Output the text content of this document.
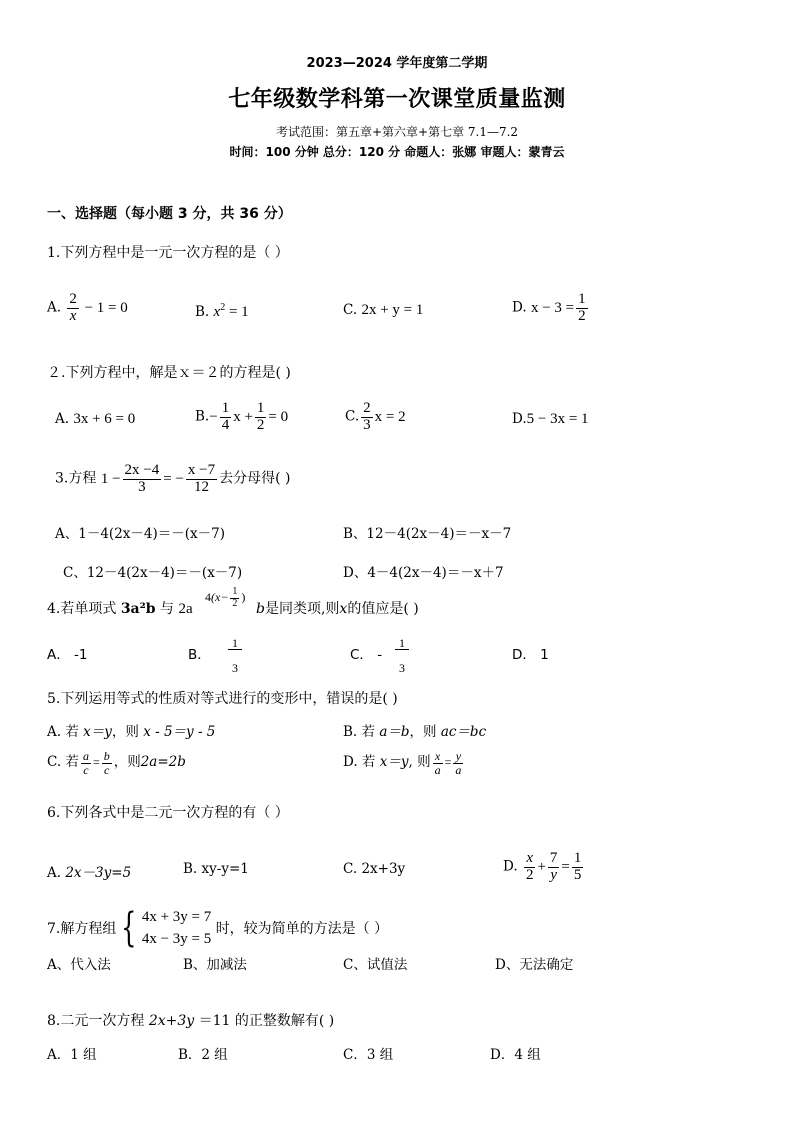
2023—2024 学年度第二学期
七年级数学科第一次课堂质量监测
考试范围：第五章+第六章+第七章 7.1—7.2
时间：100 分钟 总分：120 分 命题人：张娜 审题人：蒙青云
一、选择题（每小题 3 分，共 36 分）
1.下列方程中是一元一次方程的是（ ）
A. $\frac{2}{x} - 1 = 0$	B. $x^2 = 1$	C. 2x + y = 1	D. $x - 3 = \frac{1}{2}$
２.下列方程中，解是ｘ＝２的方程是( )
A. 3x + 6 = 0	$B.- \frac{1}{4}$ $x + \frac{1}{2} = 0$	C. $\frac{2}{3}$ x = 2	D.5 − 3x = 1
3.方程 $1 - \frac{2x -4}{3}$ = − $\frac{x -7}{12}$ 去分母得( )
A、1－4(2x－4)＝－(x－7)	B、12－4(2x－4)＝－x－7
C、12－4(2x－4)＝－(x－7)	D、4－4(2x－4)＝－x＋7
4.若单项式 3a²b 与 2a
$4(x- \frac{1}{2}$ )
b是同类项,则x的值应是( )
A． -1	B．
1
3
C． -
1
3
D． 1
5.下列运用等式的性质对等式进行的变形中，错误的是( )
A. 若 x＝y，则 x - 5＝y - 5	B. 若 a＝b，则 ac＝bc
C. 若 $\frac{a}{c} = \frac{b}{c}$ ，则2a=2b	D. 若 x＝y, 则 $\frac{x}{a} = \frac{y}{a}$
6.下列各式中是二元一次方程的有（ ）
A. 2x－3y=5	B. xy-y=1	C. 2x+3y	D. $\frac{x}{2} + \frac{7}{y} = \frac{1}{5}$
7.解方程组 { 4x + 3y = 7
4x − 3y = 5
时，较为简单的方法是（ ）
A、代入法	B、加减法	C、试值法	D、无法确定
8.二元一次方程 2x+3y ＝11 的正整数解有( )
A．1 组	B．2 组	C．3 组	D．4 组
